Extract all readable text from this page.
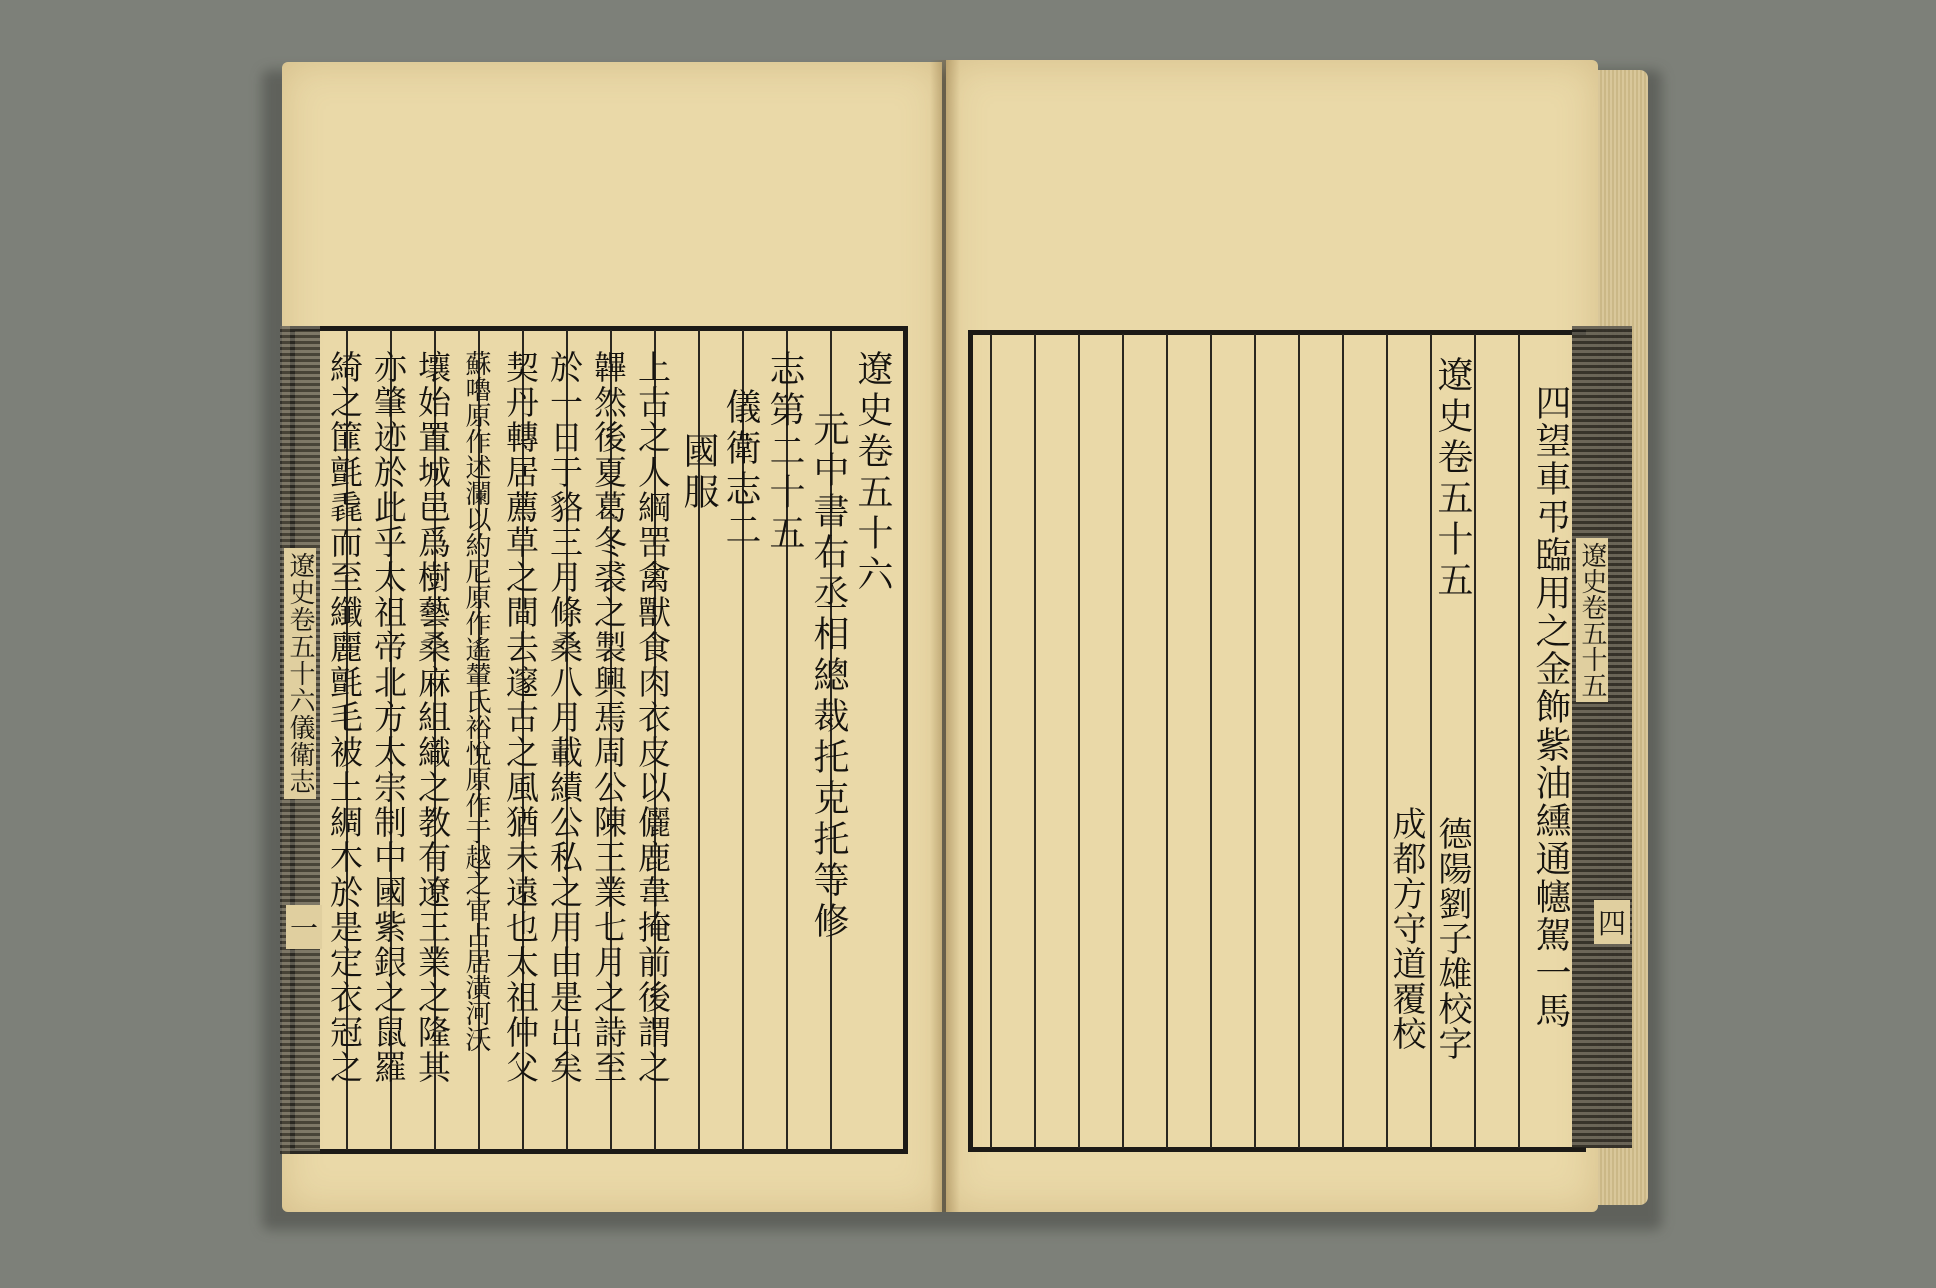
遼史卷五十六儀衛志
一
遼史卷五十六
元中書右丞相總裁托克托等修
志第二十五
儀衛志二
國服
上古之人綱罟禽獸食肉衣皮以儷鹿韋掩前後謂之
韠然後夏葛冬裘之製興焉周公陳王業七月之詩至
於一日于貉三月條桑八月載績公私之用由是出矣
契丹轉居薦草之間去邃古之風猶未遠也太祖仲父
蘇嚕原作述瀾以約尼原作遙輦氏裕悅原作于越之官占居潢河沃
壤始置城邑爲樹藝桑麻組織之教有遼王業之隆其
亦肇迹於此乎太祖帝北方太宗制中國紫銀之鼠羅
綺之篚氈毳而至纖麗氈毛被土綢木於是定衣冠之	遼史卷五十五
四
四望車弔臨用之金飾紫油纁通幰駕一馬
遼史卷五十五
德陽劉子雄校字
成都方守道覆校
